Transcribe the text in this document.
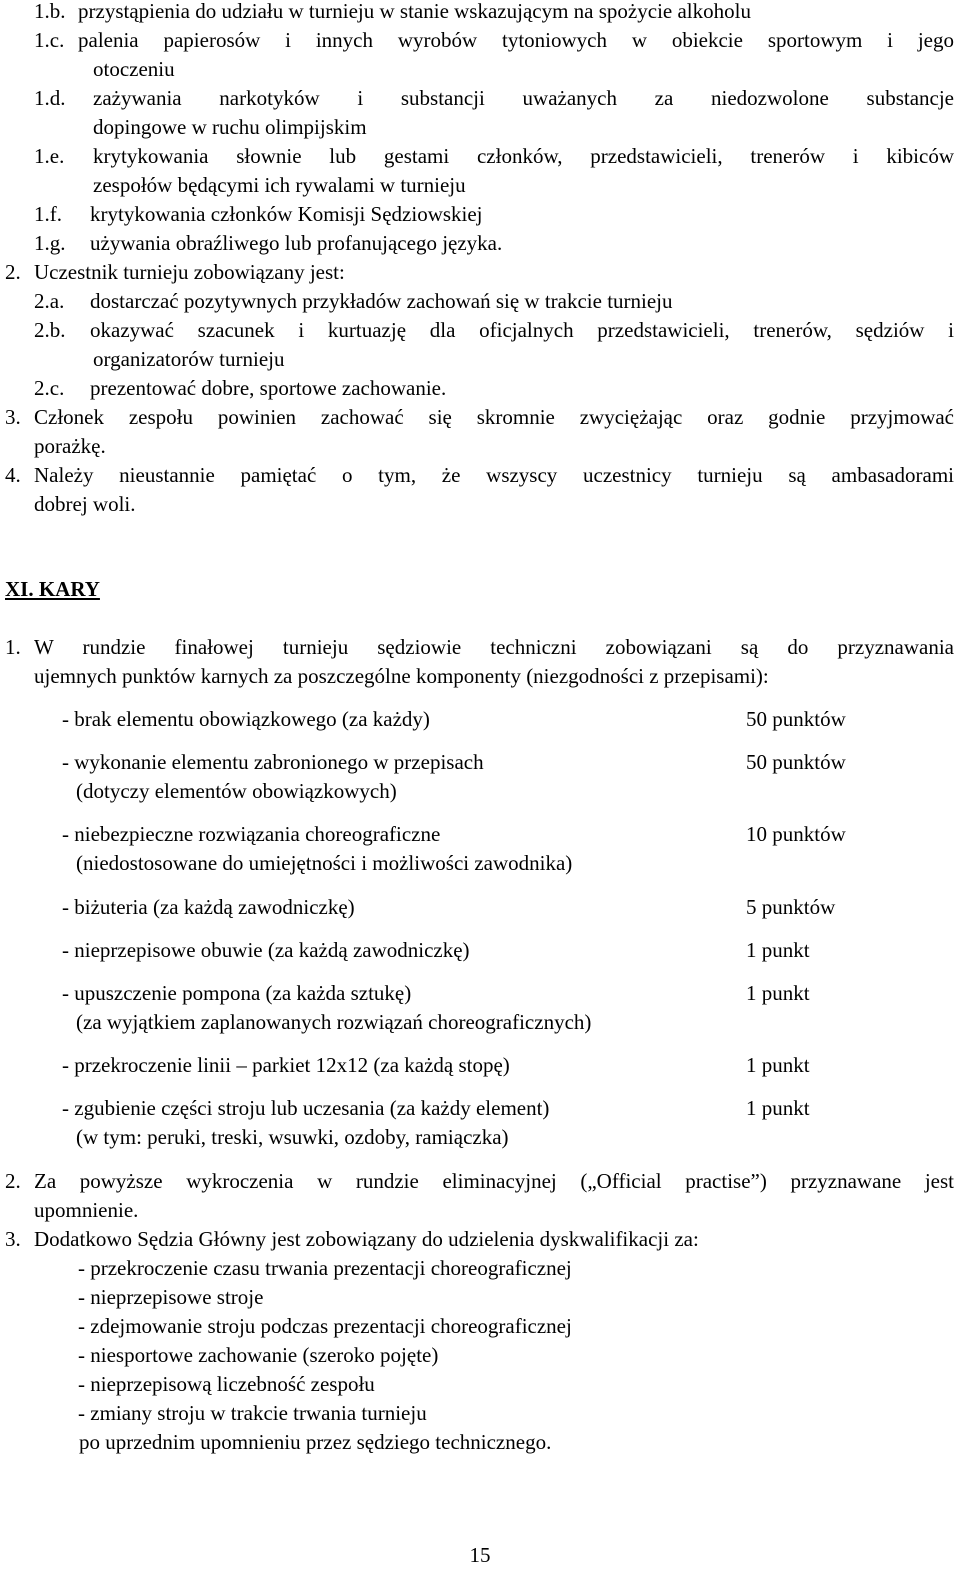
1.b. przystąpienia do udziału w turnieju w stanie wskazującym na spożycie alkoholu
1.c. palenia papierosów i innych wyrobów tytoniowych w obiekcie sportowym i jego
otoczeniu
1.d. zażywania narkotyków i substancji uważanych za niedozwolone substancje
dopingowe w ruchu olimpijskim
1.e. krytykowania słownie lub gestami członków, przedstawicieli, trenerów i kibiców
zespołów będącymi ich rywalami w turnieju
1.f. krytykowania członków Komisji Sędziowskiej
1.g. używania obraźliwego lub profanującego języka.
2. Uczestnik turnieju zobowiązany jest:
2.a. dostarczać pozytywnych przykładów zachowań się w trakcie turnieju
2.b. okazywać szacunek i kurtuazję dla oficjalnych przedstawicieli, trenerów, sędziów i
organizatorów turnieju
2.c. prezentować dobre, sportowe zachowanie.
3. Członek zespołu powinien zachować się skromnie zwyciężając oraz godnie przyjmować
porażkę.
4. Należy nieustannie pamiętać o tym, że wszyscy uczestnicy turnieju są ambasadorami
dobrej woli.
XI. KARY
1. W rundzie finałowej turnieju sędziowie techniczni zobowiązani są do przyznawania
ujemnych punktów karnych za poszczególne komponenty (niezgodności z przepisami):
- brak elementu obowiązkowego (za każdy)	50 punktów
- wykonanie elementu zabronionego w przepisach	50 punktów
(dotyczy elementów obowiązkowych)
- niebezpieczne rozwiązania choreograficzne	10 punktów
(niedostosowane do umiejętności i możliwości zawodnika)
- biżuteria (za każdą zawodniczkę)	5 punktów
- nieprzepisowe obuwie (za każdą zawodniczkę)	1 punkt
- upuszczenie pompona (za każda sztukę)	1 punkt
(za wyjątkiem zaplanowanych rozwiązań choreograficznych)
- przekroczenie linii – parkiet 12x12 (za każdą stopę)	1 punkt
- zgubienie części stroju lub uczesania (za każdy element)	1 punkt
(w tym: peruki, treski, wsuwki, ozdoby, ramiączka)
2. Za powyższe wykroczenia w rundzie eliminacyjnej („Official practise”) przyznawane jest
upomnienie.
3. Dodatkowo Sędzia Główny jest zobowiązany do udzielenia dyskwalifikacji za:
- przekroczenie czasu trwania prezentacji choreograficznej
- nieprzepisowe stroje
- zdejmowanie stroju podczas prezentacji choreograficznej
- niesportowe zachowanie (szeroko pojęte)
- nieprzepisową liczebność zespołu
- zmiany stroju w trakcie trwania turnieju
po uprzednim upomnieniu przez sędziego technicznego.
15
